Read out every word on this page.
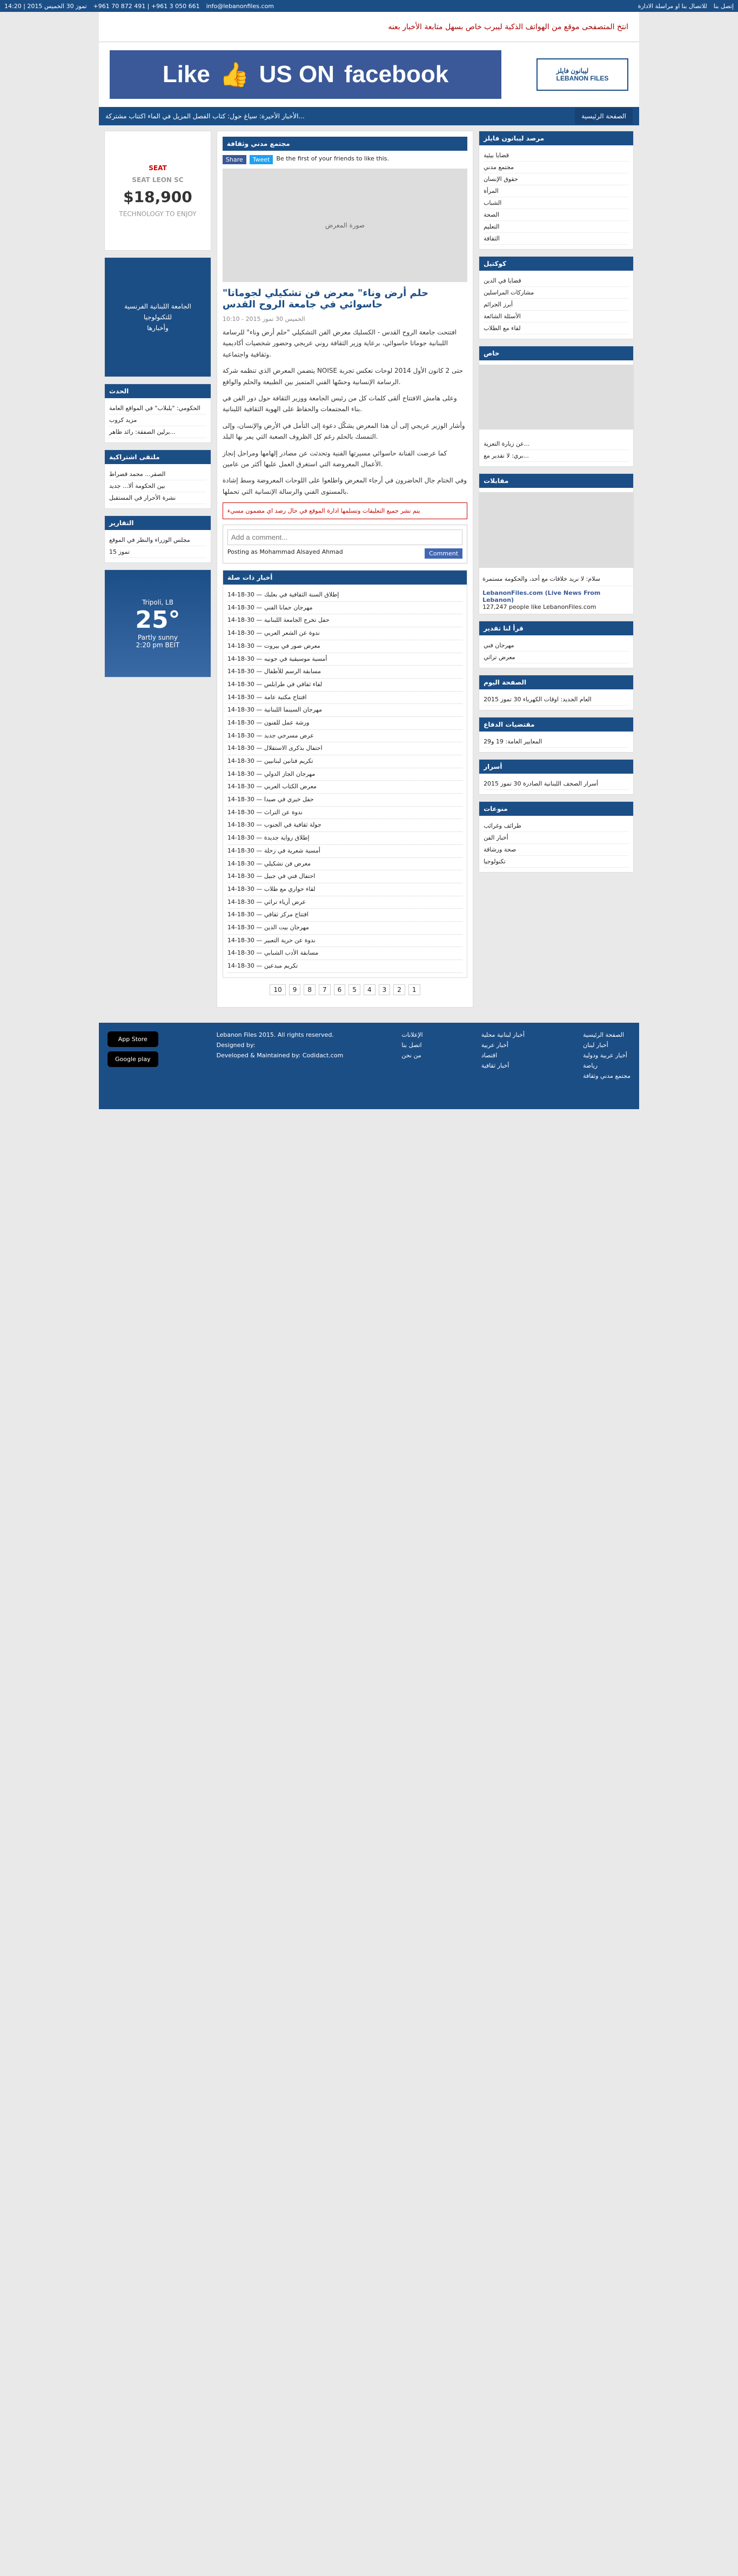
14:20 | 2015 تموز 30 الخميس +961 70 872 491 | +961 3 050 661 info@lebanonfiles.com	للاتصال بنا او مراسلة الادارة إتصل بنا
انتخ المتصفحى موقع من الهواتف الذكية ليبرب خاص بسهل متابعة الأخبار بعنه
Like 👍 US ON facebook	ليبانون فايلز
LEBANON FILES
الأخبار الأخيرة: سياغ حول: كتاب الفصل المزيل في الماء اكتتاب مشتركة...	الصفحة الرئيسية
SEAT
SEAT LEON SC
$18,900
TECHNOLOGY TO ENJOY
الجامعة اللبنانية الفرنسية
للتكنولوجيا
وأخبارها
الحدث
الحكومي: "يلبلاب" في المواقع العامة
مزيد كروب
برلين الصفقة: رائد ظاهر...
ملتقى اشتراكية
الصقر... محمد قصراط
بين الحكومة ألا... جديد
نشرة الأحرار في المستقبل
التقارير
مجلس الوزراء والنظر في الموقع
15 تموز
Tripoli, LB
25°
Partly sunny
2:20 pm BEIT
مجتمع مدني وثقافة
Share	Tweet	Be the first of your friends to like this.
صورة المعرض
"حلم أرض وناء" معرض فن تشكيلي لجوماتا حاسوائي في جامعة الروح القدس
الخميس 30 تموز 2015 - 10:10
افتتحت جامعة الروح القدس - الكسليك معرض الفن التشكيلي "حلم أرض وناء" للرسامة اللبنانية جوماتا حاسوائي، برعاية وزير الثقافة روني عريجي وحضور شخصيات أكاديمية وثقافية واجتماعية.
يتضمن المعرض الذي تنظمه شركة NOISE حتى 2 كانون الأول 2014 لوحات تعكس تجربة الرسامة الإنسانية وحسّها الفني المتميز بين الطبيعة والحلم والواقع.
وعلى هامش الافتتاح ألقى كلمات كل من رئيس الجامعة ووزير الثقافة حول دور الفن في بناء المجتمعات والحفاظ على الهوية الثقافية اللبنانية.
وأشار الوزير عريجي إلى أن هذا المعرض يشكّل دعوة إلى التأمل في الأرض والإنسان، وإلى التمسك بالحلم رغم كل الظروف الصعبة التي يمر بها البلد.
كما عرضت الفنانة حاسوائي مسيرتها الفنية وتحدثت عن مصادر إلهامها ومراحل إنجاز الأعمال المعروضة التي استغرق العمل عليها أكثر من عامين.
وفي الختام جال الحاضرون في أرجاء المعرض واطلعوا على اللوحات المعروضة وسط إشادة بالمستوى الفني والرسالة الإنسانية التي تحملها.
يتم نشر جميع التعليقات وتسلمها ادارة الموقع في حال رصد اي مضمون مسيء
Add a comment...
Posting as Mohammad Alsayed Ahmad	Comment
أخبار ذات صلة
14-18-30 — إطلاق السنة الثقافية في بعلبك
14-18-30 — مهرجان حمانا الفني
14-18-30 — حفل تخرج الجامعة اللبنانية
14-18-30 — ندوة عن الشعر العربي
14-18-30 — معرض صور في بيروت
14-18-30 — أمسية موسيقية في جونيه
14-18-30 — مسابقة الرسم للأطفال
14-18-30 — لقاء ثقافي في طرابلس
14-18-30 — افتتاح مكتبة عامة
14-18-30 — مهرجان السينما اللبنانية
14-18-30 — ورشة عمل للفنون
14-18-30 — عرض مسرحي جديد
14-18-30 — احتفال بذكرى الاستقلال
14-18-30 — تكريم فنانين لبنانيين
14-18-30 — مهرجان الجاز الدولي
14-18-30 — معرض الكتاب العربي
14-18-30 — حفل خيري في صيدا
14-18-30 — ندوة عن التراث
14-18-30 — جولة ثقافية في الجنوب
14-18-30 — إطلاق رواية جديدة
14-18-30 — أمسية شعرية في زحلة
14-18-30 — معرض فن تشكيلي
14-18-30 — احتفال فني في جبيل
14-18-30 — لقاء حواري مع طلاب
14-18-30 — عرض أزياء تراثي
14-18-30 — افتتاح مركز ثقافي
14-18-30 — مهرجان بيت الدين
14-18-30 — ندوة عن حرية التعبير
14-18-30 — مسابقة الأدب الشبابي
14-18-30 — تكريم مبدعين
10	9	8	7	6	5	4	3	2	1
مرصد ليبانون فايلز
قضايا بيئية
مجتمع مدني
حقوق الإنسان
المرأة
الشباب
الصحة
التعليم
الثقافة
كوكتيل
قضايا في الدين
مشاركات المراسلين
أبرز الجرائم
الأسئلة الشائعة
لقاء مع الطلاب
خاص
عن زيارة التعزية...
بري: لا تقدير مع...
مقابلات
سلام: لا نريد خلافات مع أحد، والحكومة مستمرة
LebanonFiles.com (Live News From Lebanon)
127,247 people like LebanonFiles.com
قرأ لنا تقدير
مهرجان فني
معرض تراثي
الصفحة اليوم
العام الجديد: اوقات الكهرباء 30 تموز 2015
مقتضيات الدفاع
المعايير العامة: 19 و29
أسرار
أسرار الصحف اللبنانية الصادرة 30 تموز 2015
منوعات
طرائف وغرائب
أخبار الفن
صحة ورشاقة
تكنولوجيا
App Store
Google play
Lebanon Files 2015. All rights reserved.
Designed by:
Developed & Maintained by: Codidact.com
الإعلانات
اتصل بنا
من نحن
أخبار لبنانية محلية
أخبار عربية
اقتصاد
أخبار ثقافية
الصفحة الرئيسية
أخبار لبنان
أخبار عربية ودولية
رياضة
مجتمع مدني وثقافة
